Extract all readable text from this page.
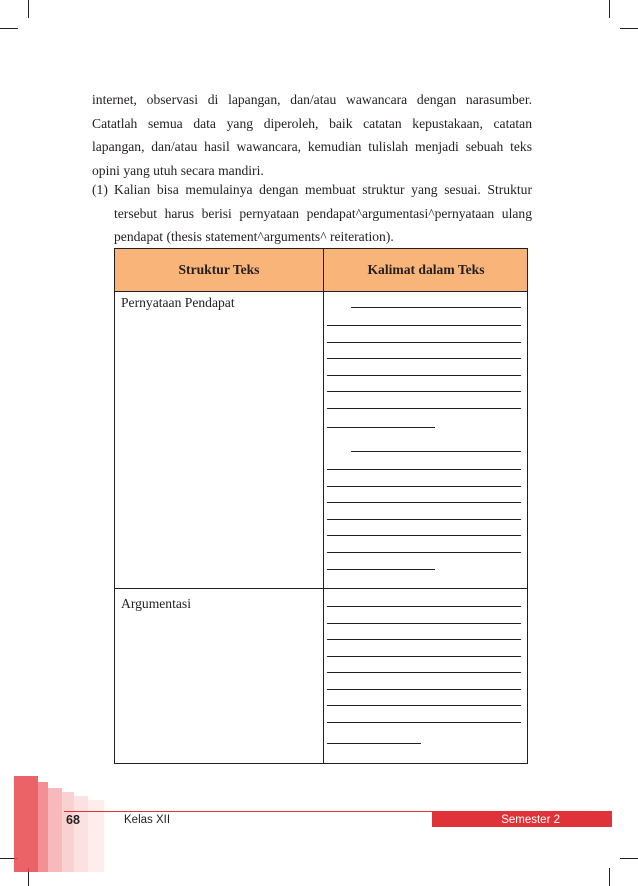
internet, observasi di lapangan, dan/atau wawancara dengan narasumber.
Catatlah semua data yang diperoleh, baik catatan kepustakaan, catatan
lapangan, dan/atau hasil wawancara, kemudian tulislah menjadi sebuah teks
opini yang utuh secara mandiri.
(1) Kalian bisa memulainya dengan membuat struktur yang sesuai. Struktur
tersebut harus berisi pernyataan pendapat^argumentasi^pernyataan ulang
pendapat (thesis statement^arguments^ reiteration).
Struktur Teks	Kalimat dalam Teks
Pernyataan Pendapat
Argumentasi
68	Kelas XII	Semester 2
